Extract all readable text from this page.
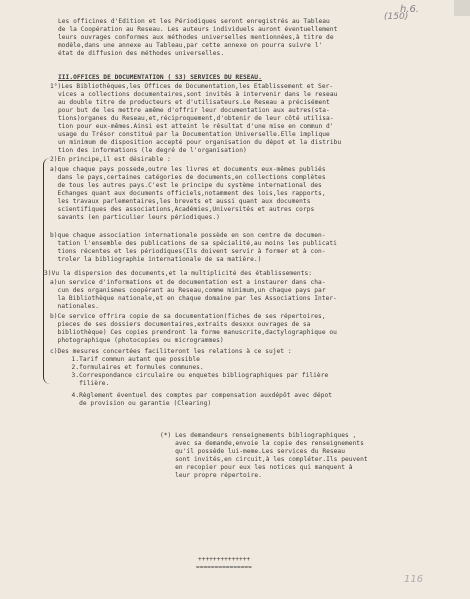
(150)
h.6.
Les officines d'Edition et les Périodiques seront enregistrés au Tableau
de la Coopération au Reseau. Les auteurs individuels auront éventuellement
leurs ouvrages conformes aux méthodes universelles mentionnées,à titre de
modèle,dans une annexe au Tableau,par cette annexe on pourra suivre l'
état de diffusion des méthodes universelles.
III.OFFICES DE DOCUMENTATION ( S3) SERVICES DU RESEAU.
1°)Les Bibliothèques,les Offices de Documentation,les Etablissement et Ser-
vices a collections documentaires,sont invités à intervenir dans le reseau
au double titre de producteurs et d'utilisateurs.Le Reseau a précisément
pour but de les mettre amême d'offrir leur documentation aux autres(sta-
tions)organes du Reseau,et,réciproquement,d'obtenir de leur côté utilisa-
tion pour eux-mêmes.Ainsi est atteint le résultat d'une mise en commun d'
usage du Trésor constitué par la Documentation Universelle.Elle implique
un minimum de disposition accepté pour organisation du dépot et la distribu
tion des informations (le degré de l'organisation)
2)En principe,il est désirable :
a)que chaque pays possede,outre les livres et documents eux-mêmes publiés
dans le pays,certaines catégories de documents,en collections complètes
de tous les autres pays.C'est le principe du système international des
Echanges quant aux documents officiels,notamment des lois,les rapports,
les travaux parlementaires,les brevets et aussi quant aux documents
scientifiques des associations,Académies,Universités et autres corps
savants (en particulier leurs périodiques.)
b)que chaque association internationale possède en son centre de documen-
tation l'ensemble des publications de sa spécialité,au moins les publicati
tions récentes et les périodiques(Ils doivent servir à former et à con-
troler la bibliographie internationale de sa matière.)
3)Vu la dispersion des documents,et la multiplicité des établissements:
a)un service d'informations et de documentation est a instaurer dans cha-
cun des organismes coopérant au Reseau,comme minimum,un chaque pays par
la Bibliothèque nationale,et en chaque domaine par les Associations Inter-
nationales.
b)Ce service offrira copie de sa documentation(fiches de ses répertoires,
pieces de ses dossiers documentaires,extraits desxxx ouvrages de sa
bibliothèque) Ces copies prendront la forme manuscrite,dactylographique ou
photographique (photocopies ou microgrammes)
c)Des mesures concertées faciliteront les relations à ce sujet :
1.Tarif commun autant que possible
2.formulaires et formules communes.
3.Correspondance circulaire ou enquetes bibliographiques par filière
filière.
4.Règlement éventuel des comptes par compensation auxdépôt avec dépot
de provision ou garantie (Clearing)
(*) Les demandeurs renseignements bibliographiques ,
avec sa demande,envoie la copie des renseignements
qu'il possède lui-meme.Les services du Reseau
sont invités,en circuit,à les compléter.Ils peuvent
en recopier pour eux les notices qui manquent à
leur propre répertoire.
++++++++++++++
===============
116
